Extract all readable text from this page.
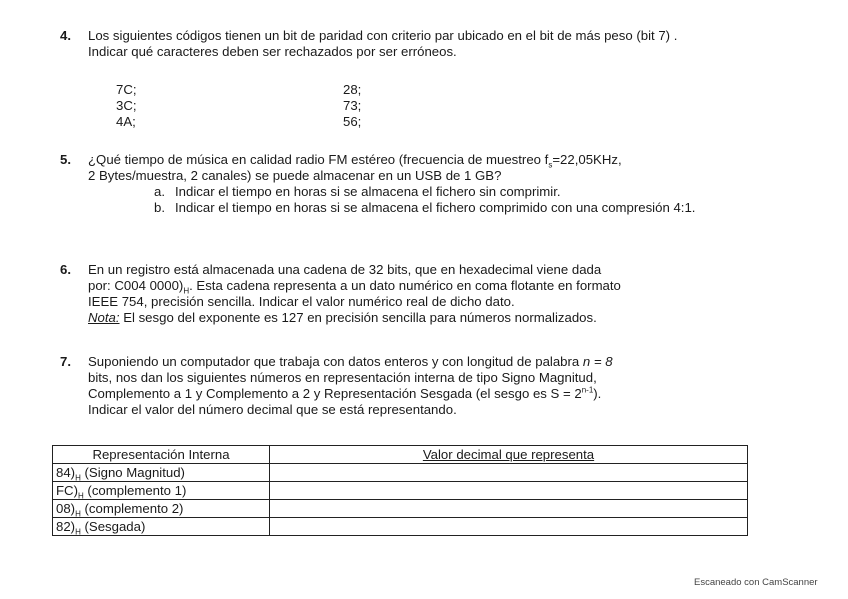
4. Los siguientes códigos tienen un bit de paridad con criterio par ubicado en el bit de más peso (bit 7) .
Indicar qué caracteres deben ser rechazados por ser erróneos.
7C;	28;
3C;	73;
4A;	56;
5. ¿Qué tiempo de música en calidad radio FM estéreo (frecuencia de muestreo $f_s=22,05KHz$,
2 Bytes/muestra, 2 canales) se puede almacenar en un USB de 1 GB?
a. Indicar el tiempo en horas si se almacena el fichero sin comprimir.
b. Indicar el tiempo en horas si se almacena el fichero comprimido con una compresión 4:1.
6. En un registro está almacenada una cadena de 32 bits, que en hexadecimal viene dada
por: C004 $0000)_H$. Esta cadena representa a un dato numérico en coma flotante en formato
IEEE 754, precisión sencilla. Indicar el valor numérico real de dicho dato.
Nota: El sesgo del exponente es 127 en precisión sencilla para números normalizados.
7. Suponiendo un computador que trabaja con datos enteros y con longitud de palabra n = 8
bits, nos dan los siguientes números en representación interna de tipo Signo Magnitud,
Complemento a 1 y Complemento a 2 y Representación Sesgada (el sesgo es $S = 2^{n-1}$).
Indicar el valor del número decimal que se está representando.
Representación Interna	Valor decimal que representa
$84)_H$ (Signo Magnitud)	
$FC)_H$ (complemento 1)	
$08)_H$ (complemento 2)	
$82)_H$ (Sesgada)	
Escaneado con CamScanner
